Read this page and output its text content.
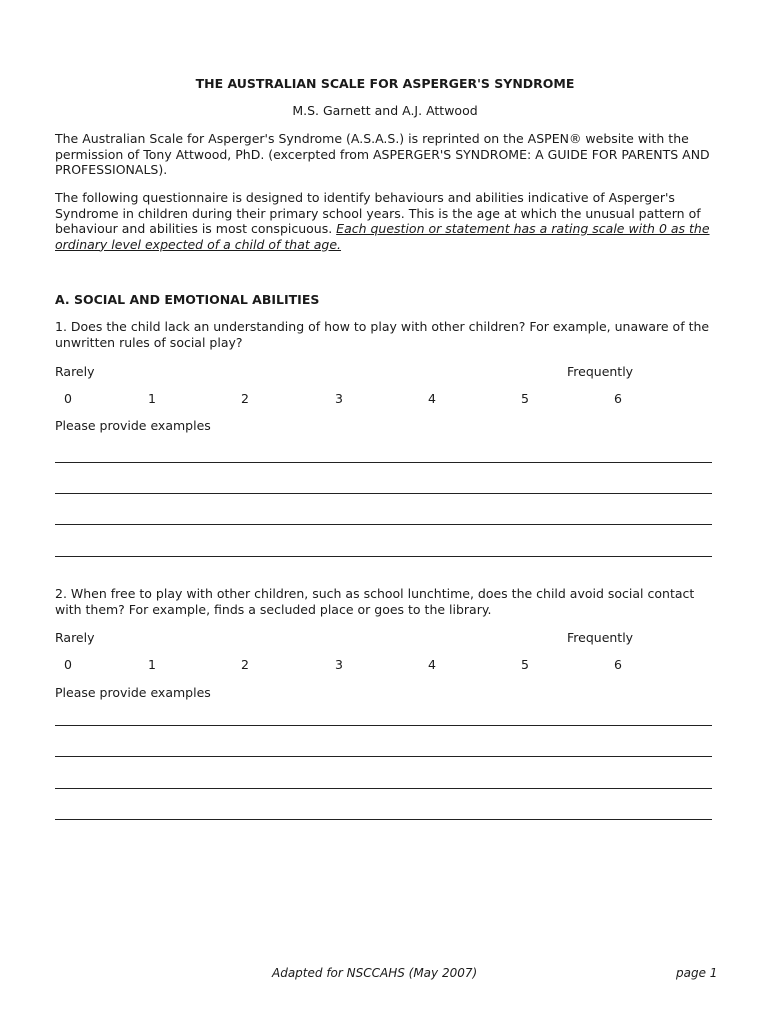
THE AUSTRALIAN SCALE FOR ASPERGER'S SYNDROME
M.S. Garnett and A.J. Attwood
The Australian Scale for Asperger's Syndrome (A.S.A.S.) is reprinted on the ASPEN® website with the permission of Tony Attwood, PhD. (excerpted from ASPERGER'S SYNDROME: A GUIDE FOR PARENTS AND PROFESSIONALS).
The following questionnaire is designed to identify behaviours and abilities indicative of Asperger's Syndrome in children during their primary school years. This is the age at which the unusual pattern of behaviour and abilities is most conspicuous. Each question or statement has a rating scale with 0 as the ordinary level expected of a child of that age.
A. SOCIAL AND EMOTIONAL ABILITIES
1. Does the child lack an understanding of how to play with other children? For example, unaware of the unwritten rules of social play?
Rarely	Frequently
0	1	2	3	4	5	6
Please provide examples
2. When free to play with other children, such as school lunchtime, does the child avoid social contact with them? For example, finds a secluded place or goes to the library.
Rarely	Frequently
0	1	2	3	4	5	6
Please provide examples
Adapted for NSCCAHS (May 2007)	page 1
